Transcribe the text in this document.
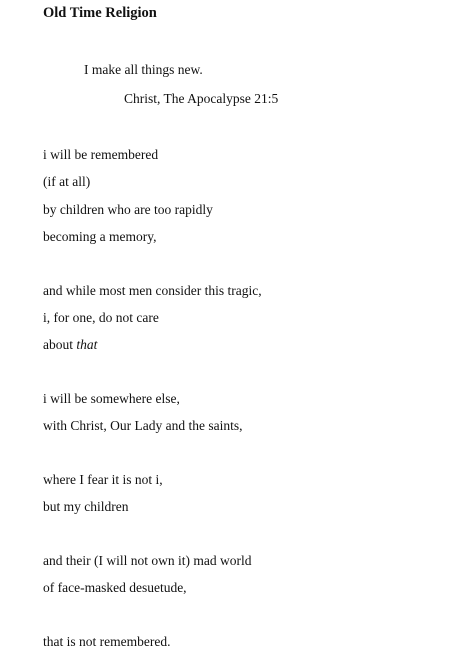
Old Time Religion
I make all things new.
Christ, The Apocalypse 21:5
i will be remembered
(if at all)
by children who are too rapidly
becoming a memory,
and while most men consider this tragic,
i, for one, do not care
about that
i will be somewhere else,
with Christ, Our Lady and the saints,
where I fear it is not i,
but my children
and their (I will not own it) mad world
of face-masked desuetude,
that is not remembered.
